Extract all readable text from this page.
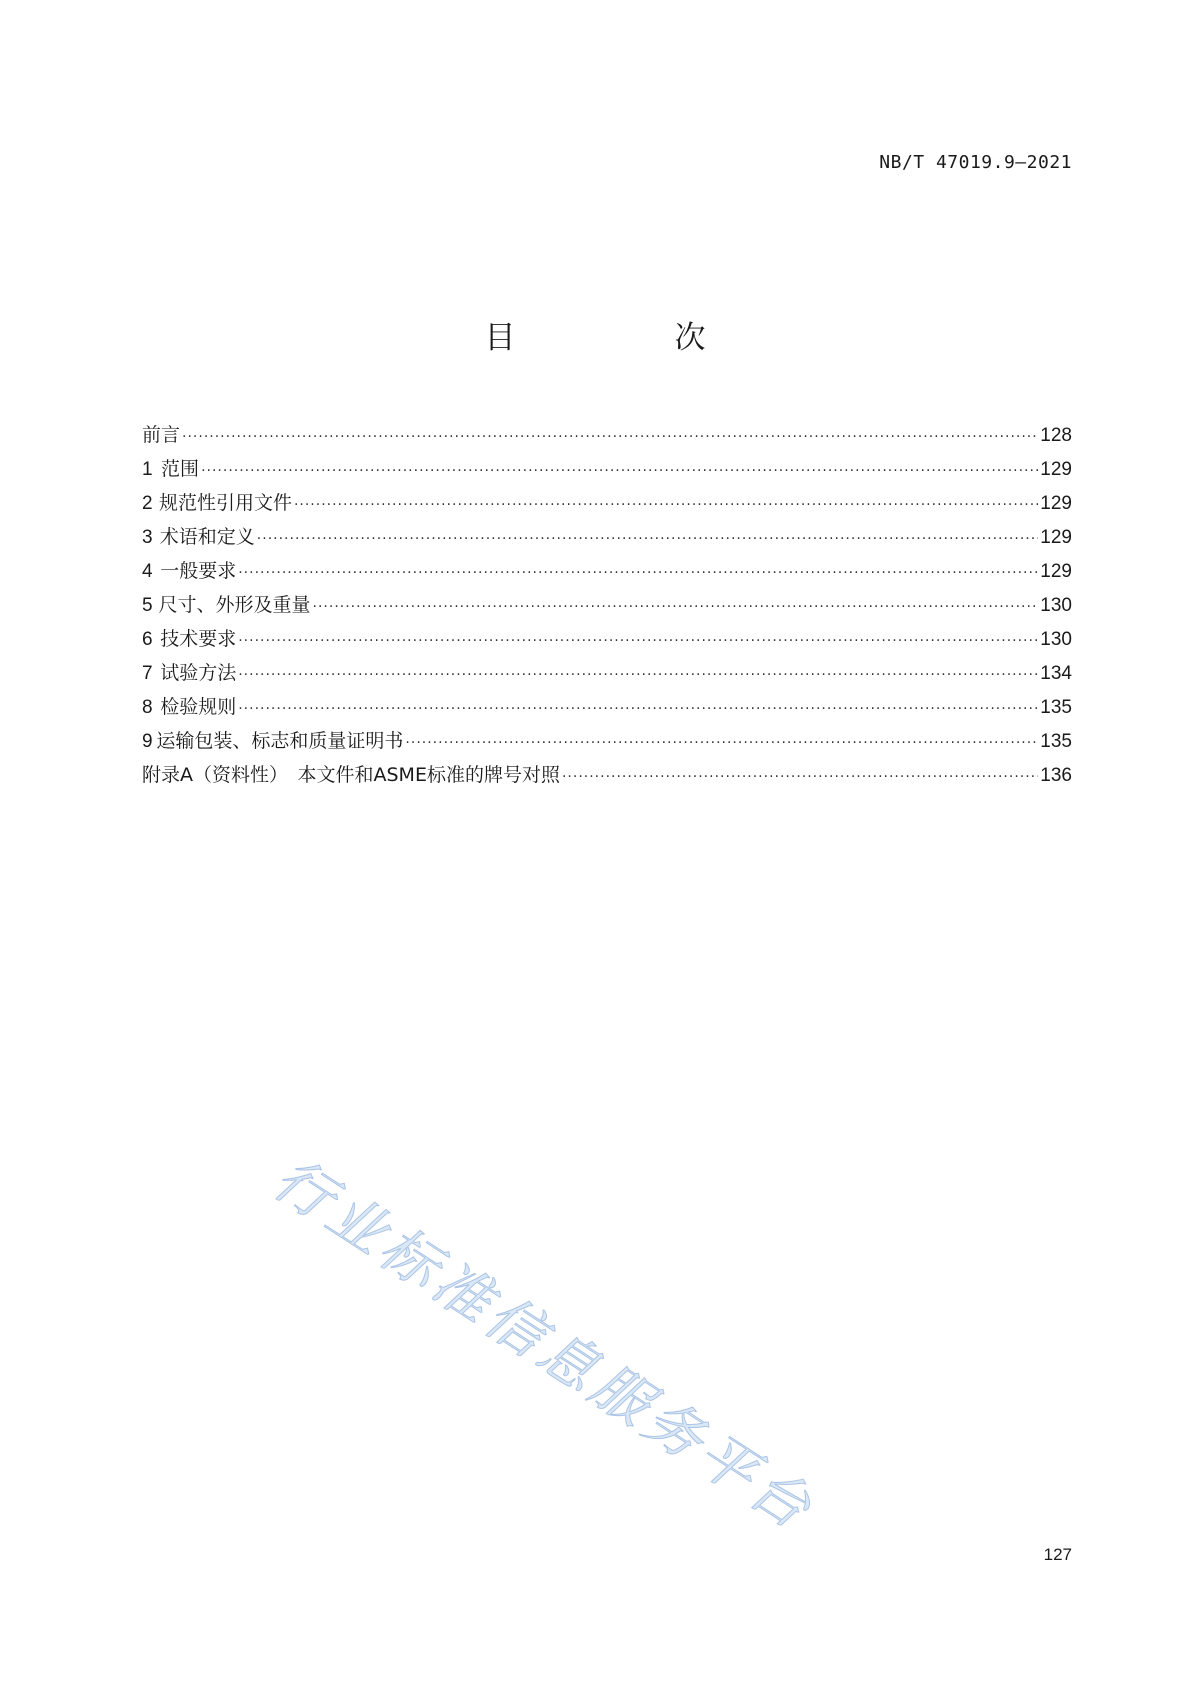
NB/T 47019.9—2021
目　次
前言 ·····	128
1 范围 ·····	129
2 规范性引用文件 ·····	129
3 术语和定义 ·····	129
4 一般要求 ·····	129
5 尺寸、外形及重量 ·····	130
6 技术要求 ·····	130
7 试验方法 ·····	134
8 检验规则 ·····	135
9 运输包装、标志和质量证明书 ·····	135
附录A（资料性）　本文件和ASME标准的牌号对照 ·····	136
行业标准信息服务平台
127
